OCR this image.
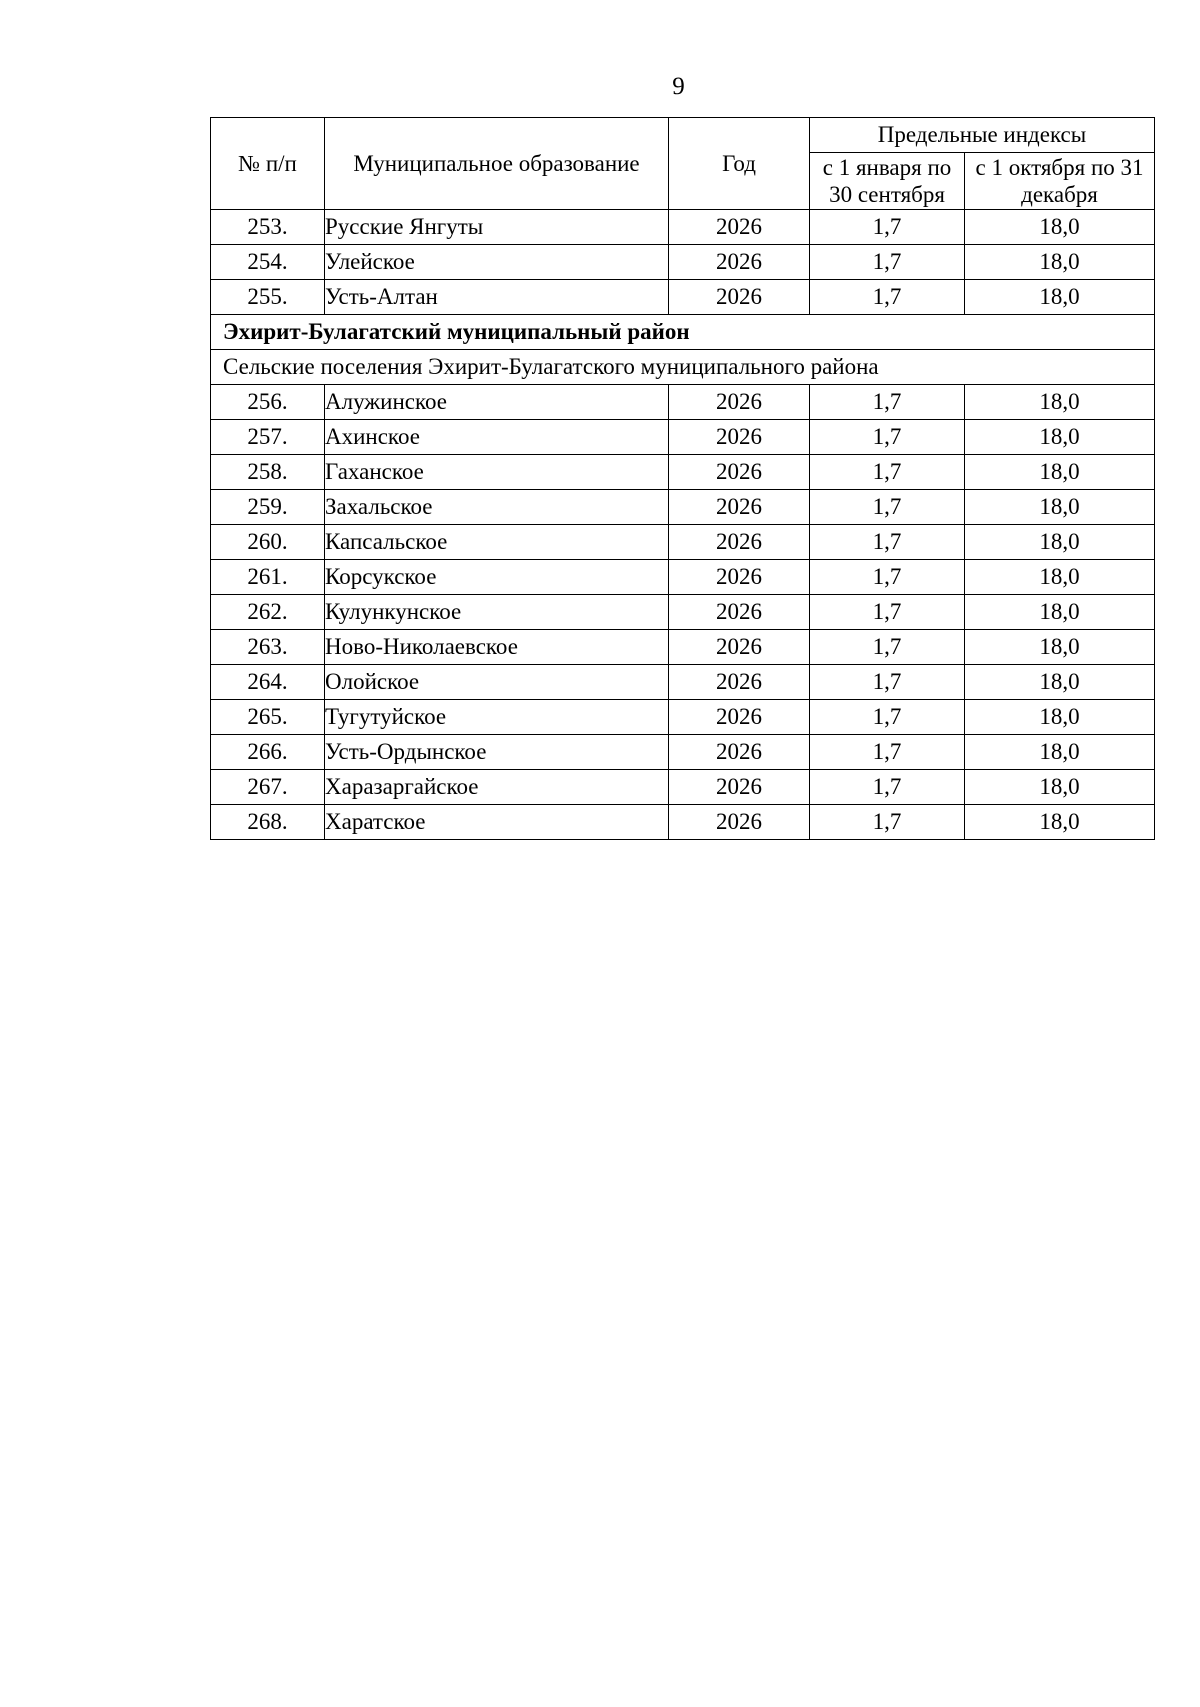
9
№ п/п	Муниципальное образование	Год	Предельные индексы	
			с 1 января по 30 сентября	с 1 октября по 31 декабря
253.	Русские Янгуты	2026	1,7	18,0
254.	Улейское	2026	1,7	18,0
255.	Усть-Алтан	2026	1,7	18,0
Эхирит-Булагатский муниципальный район				
Сельские поселения Эхирит-Булагатского муниципального района				
256.	Алужинское	2026	1,7	18,0
257.	Ахинское	2026	1,7	18,0
258.	Гаханское	2026	1,7	18,0
259.	Захальское	2026	1,7	18,0
260.	Капсальское	2026	1,7	18,0
261.	Корсукское	2026	1,7	18,0
262.	Кулункунское	2026	1,7	18,0
263.	Ново-Николаевское	2026	1,7	18,0
264.	Олойское	2026	1,7	18,0
265.	Тугутуйское	2026	1,7	18,0
266.	Усть-Ордынское	2026	1,7	18,0
267.	Харазаргайское	2026	1,7	18,0
268.	Харатское	2026	1,7	18,0
